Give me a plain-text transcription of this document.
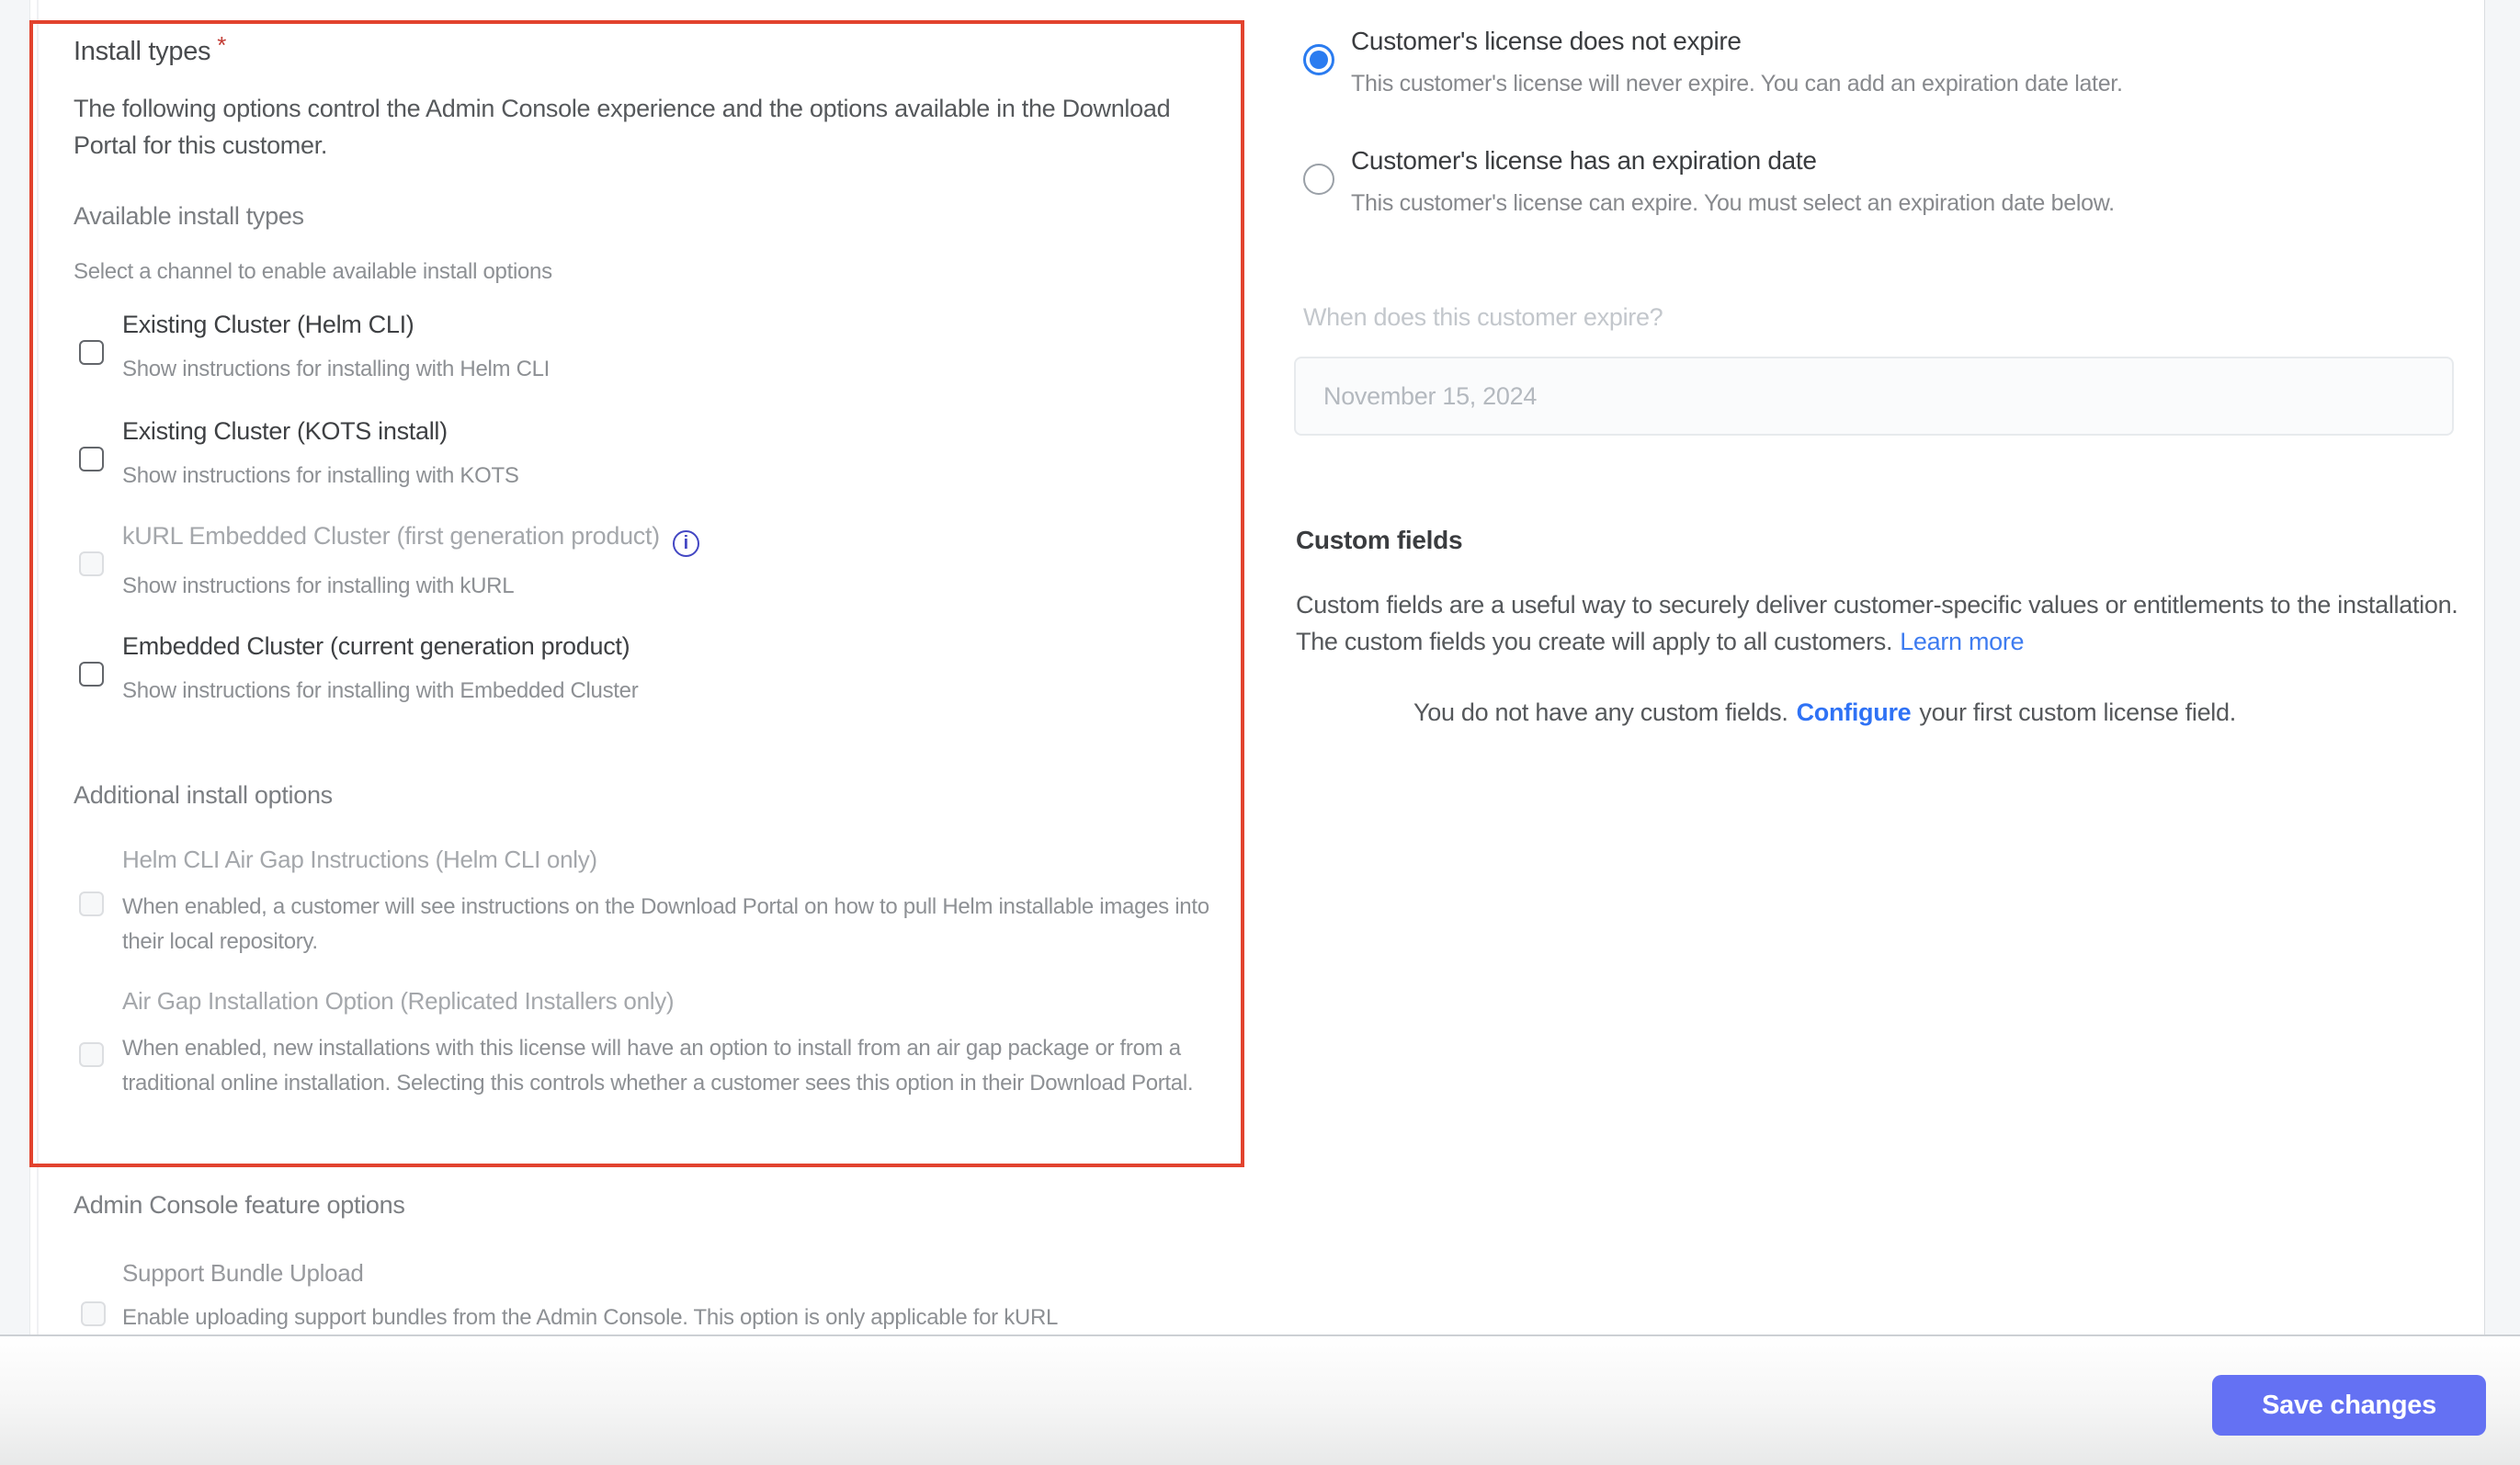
Install types *
The following options control the Admin Console experience and the options available in the Download Portal for this customer.
Available install types
Select a channel to enable available install options
Existing Cluster (Helm CLI)
Show instructions for installing with Helm CLI
Existing Cluster (KOTS install)
Show instructions for installing with KOTS
kURL Embedded Cluster (first generation product) i
Show instructions for installing with kURL
Embedded Cluster (current generation product)
Show instructions for installing with Embedded Cluster
Additional install options
Helm CLI Air Gap Instructions (Helm CLI only)
When enabled, a customer will see instructions on the Download Portal on how to pull Helm installable images into their local repository.
Air Gap Installation Option (Replicated Installers only)
When enabled, new installations with this license will have an option to install from an air gap package or from a traditional online installation. Selecting this controls whether a customer sees this option in their Download Portal.
Admin Console feature options
Support Bundle Upload
Enable uploading support bundles from the Admin Console. This option is only applicable for kURL
Customer's license does not expire
This customer's license will never expire. You can add an expiration date later.
Customer's license has an expiration date
This customer's license can expire. You must select an expiration date below.
When does this customer expire?
November 15, 2024
Custom fields
Custom fields are a useful way to securely deliver customer-specific values or entitlements to the installation. The custom fields you create will apply to all customers. Learn more
You do not have any custom fields. Configure your first custom license field.
Save changes
